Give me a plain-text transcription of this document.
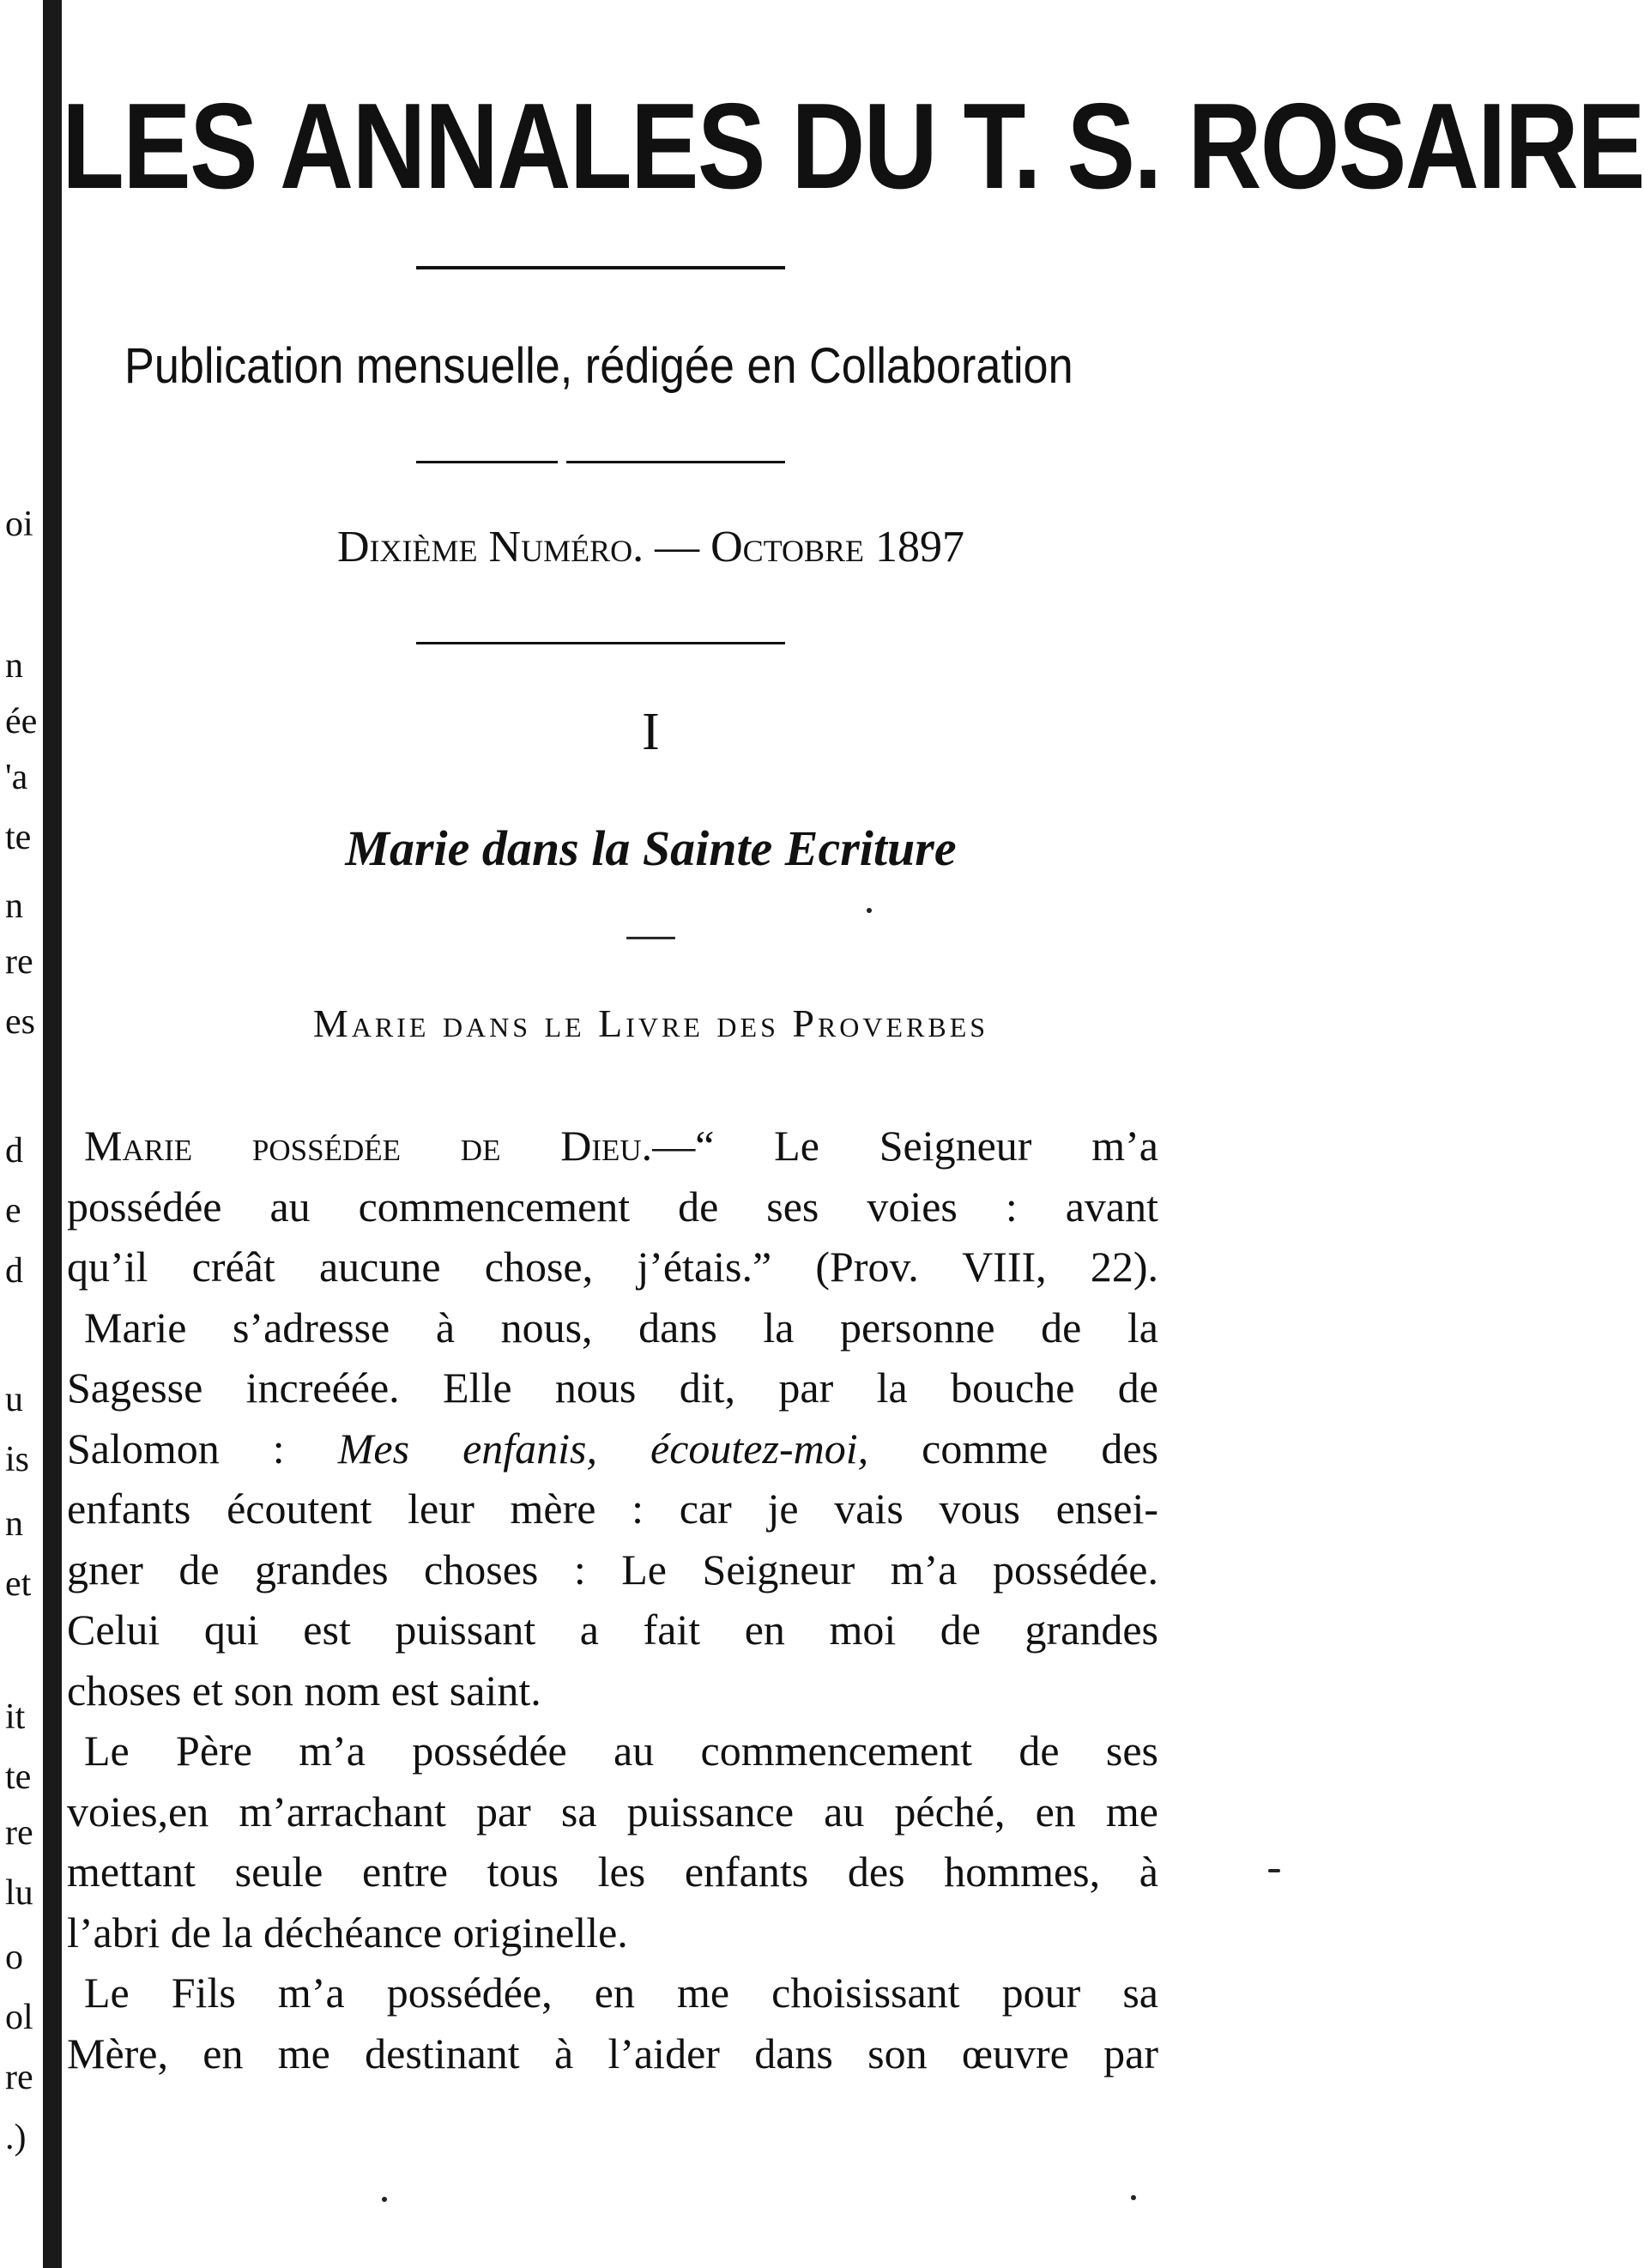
oi
n
ée
'a
te
n
re
es
d
e
d
u
is
n
et
it
te
re
lu
o
ol
re
.)
LES ANNALES DU T. S. ROSAIRE
Publication mensuelle, rédigée en Collaboration
Dixième Numéro. — Octobre 1897
I
Marie dans la Sainte Ecriture
—
Marie dans le Livre des Proverbes
Marie possédée de Dieu.—“ Le Seigneur m’a
possédée au commencement de ses voies : avant
qu’il créât aucune chose, j’étais.” (Prov. VIII, 22).
Marie s’adresse à nous, dans la personne de la
Sagesse increéée. Elle nous dit, par la bouche de
Salomon : Mes enfanis, écoutez-moi, comme des
enfants écoutent leur mère : car je vais vous ensei-
gner de grandes choses : Le Seigneur m’a possédée.
Celui qui est puissant a fait en moi de grandes
choses et son nom est saint.
Le Père m’a possédée au commencement de ses
voies,en m’arrachant par sa puissance au péché, en me
mettant seule entre tous les enfants des hommes, à
l’abri de la déchéance originelle.
Le Fils m’a possédée, en me choisissant pour sa
Mère, en me destinant à l’aider dans son œuvre par
